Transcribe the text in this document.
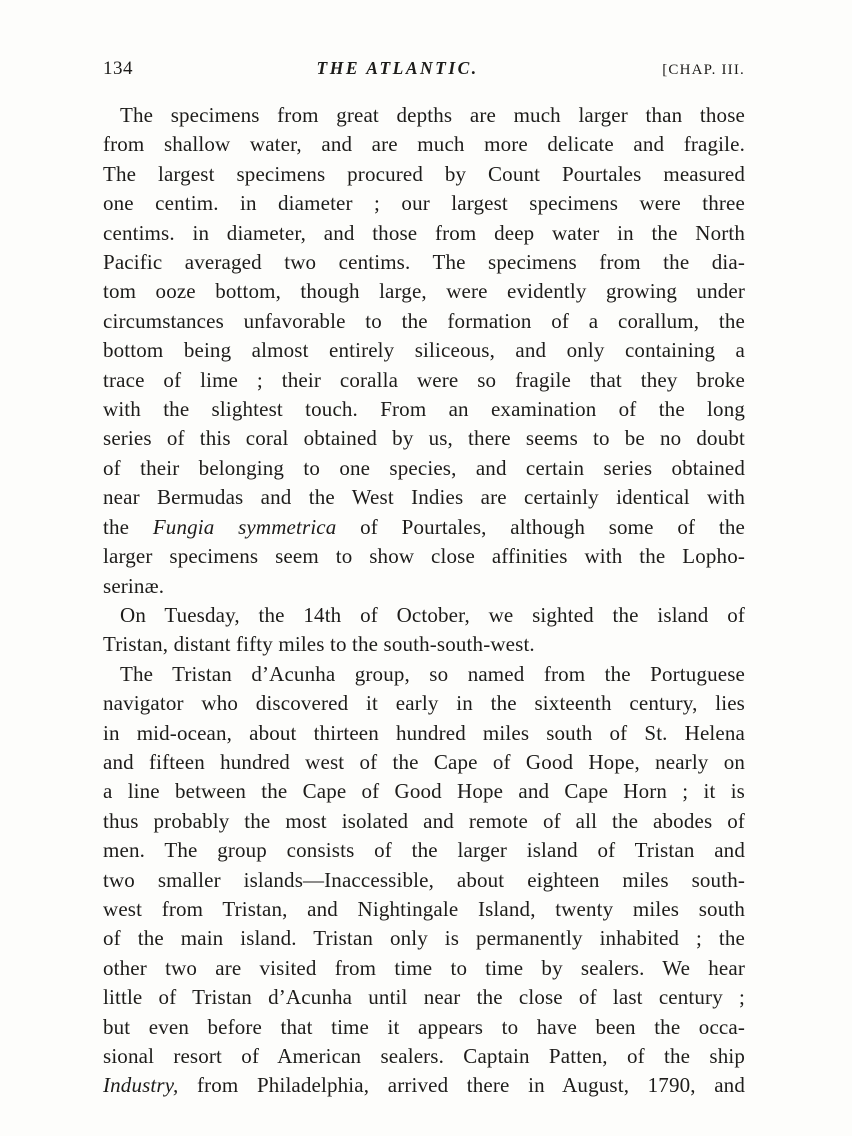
134	THE ATLANTIC.	[CHAP. III.
The specimens from great depths are much larger than those
from shallow water, and are much more delicate and fragile.
The largest specimens procured by Count Pourtales measured
one centim. in diameter ; our largest specimens were three
centims. in diameter, and those from deep water in the North
Pacific averaged two centims. The specimens from the dia-
tom ooze bottom, though large, were evidently growing under
circumstances unfavorable to the formation of a corallum, the
bottom being almost entirely siliceous, and only containing a
trace of lime ; their coralla were so fragile that they broke
with the slightest touch. From an examination of the long
series of this coral obtained by us, there seems to be no doubt
of their belonging to one species, and certain series obtained
near Bermudas and the West Indies are certainly identical with
the Fungia symmetrica of Pourtales, although some of the
larger specimens seem to show close affinities with the Lopho-
serinæ.
On Tuesday, the 14th of October, we sighted the island of
Tristan, distant fifty miles to the south-south-west.
The Tristan d’Acunha group, so named from the Portuguese
navigator who discovered it early in the sixteenth century, lies
in mid-ocean, about thirteen hundred miles south of St. Helena
and fifteen hundred west of the Cape of Good Hope, nearly on
a line between the Cape of Good Hope and Cape Horn ; it is
thus probably the most isolated and remote of all the abodes of
men. The group consists of the larger island of Tristan and
two smaller islands—Inaccessible, about eighteen miles south-
west from Tristan, and Nightingale Island, twenty miles south
of the main island. Tristan only is permanently inhabited ; the
other two are visited from time to time by sealers. We hear
little of Tristan d’Acunha until near the close of last century ;
but even before that time it appears to have been the occa-
sional resort of American sealers. Captain Patten, of the ship
Industry, from Philadelphia, arrived there in August, 1790, and
